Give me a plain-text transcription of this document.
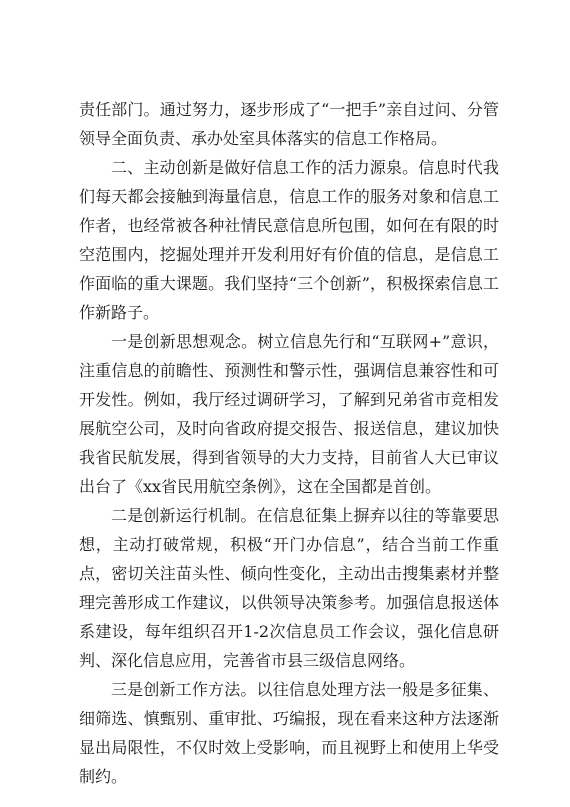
责任部门。通过努力，逐步形成了“一把手”亲自过问、分管领导全面负责、承办处室具体落实的信息工作格局。

二、主动创新是做好信息工作的活力源泉。信息时代我们每天都会接触到海量信息，信息工作的服务对象和信息工作者，也经常被各种社情民意信息所包围，如何在有限的时空范围内，挖掘处理并开发利用好有价值的信息，是信息工作面临的重大课题。我们坚持“三个创新”，积极探索信息工作新路子。

一是创新思想观念。树立信息先行和“互联网+”意识，注重信息的前瞻性、预测性和警示性，强调信息兼容性和可开发性。例如，我厅经过调研学习，了解到兄弟省市竞相发展航空公司，及时向省政府提交报告、报送信息，建议加快我省民航发展，得到省领导的大力支持，目前省人大已审议出台了《xx省民用航空条例》，这在全国都是首创。

二是创新运行机制。在信息征集上摒弃以往的等靠要思想，主动打破常规，积极“开门办信息”，结合当前工作重点，密切关注苗头性、倾向性变化，主动出击搜集素材并整理完善形成工作建议，以供领导决策参考。加强信息报送体系建设，每年组织召开1-2次信息员工作会议，强化信息研判、深化信息应用，完善省市县三级信息网络。

三是创新工作方法。以往信息处理方法一般是多征集、细筛选、慎甄别、重审批、巧编报，现在看来这种方法逐渐显出局限性，不仅时效上受影响，而且视野上和使用上华受制约。
